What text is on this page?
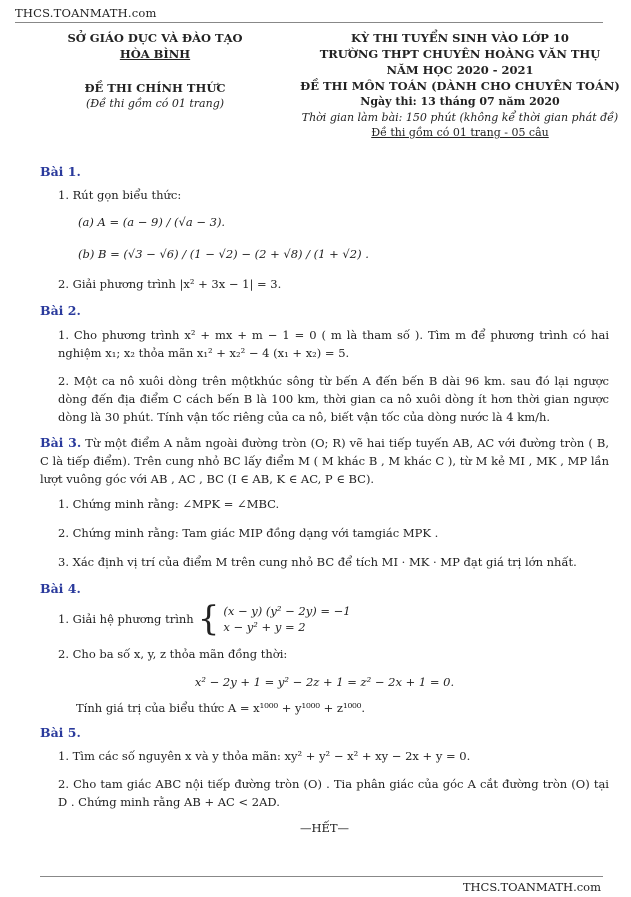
THCS.TOANMATH.com
SỞ GIÁO DỤC VÀ ĐÀO TẠO
HÒA BÌNH
ĐỀ THI CHÍNH THỨC
(Đề thi gồm có 01 trang)
KỲ THI TUYỂN SINH VÀO LỚP 10
TRƯỜNG THPT CHUYÊN HOÀNG VĂN THỤ
NĂM HỌC 2020 - 2021
ĐỀ THI MÔN TOÁN (DÀNH CHO CHUYÊN TOÁN)
Ngày thi: 13 tháng 07 năm 2020
Thời gian làm bài: 150 phút (không kể thời gian phát đề)
Đề thi gồm có 01 trang - 05 câu

Bài 1.

1. Rút gọn biểu thức:
(a) A = (a − 9) / (√a − 3).
(b) B = (√3 − √6) / (1 − √2) − (2 + √8) / (1 + √2) .
2. Giải phương trình |x² + 3x − 1| = 3.

Bài 2.

1. Cho phương trình x² + mx + m − 1 = 0 ( m là tham số ). Tìm m để phương trình có hai nghiệm x₁; x₂ thỏa mãn x₁² + x₂² − 4 (x₁ + x₂) = 5.
2. Một ca nô xuôi dòng trên mộtkhúc sông từ bến A đến bến B dài 96 km. sau đó lại ngược dòng đến địa điểm C cách bến B là 100 km, thời gian ca nô xuôi dòng ít hơn thời gian ngược dòng là 30 phút. Tính vận tốc riêng của ca nô, biết vận tốc của dòng nước là 4 km/h.
Bài 3. Từ một điểm A nằm ngoài đường tròn (O; R) vẽ hai tiếp tuyến AB, AC với đường tròn ( B, C là tiếp điểm). Trên cung nhỏ BC lấy điểm M ( M khác B , M khác C ), từ M kẻ MI , MK , MP lần lượt vuông góc với AB , AC , BC (I ∈ AB, K ∈ AC, P ∈ BC).
1. Chứng minh rằng: ∠MPK = ∠MBC.
2. Chứng minh rằng: Tam giác MIP đồng dạng với tamgiác MPK .
3. Xác định vị trí của điểm M trên cung nhỏ BC để tích MI · MK · MP đạt giá trị lớn nhất.

Bài 4.

1. Giải hệ phương trình { (x − y) (y² − 2y) = −1
x − y² + y = 2
2. Cho ba số x, y, z thỏa mãn đồng thời:
x² − 2y + 1 = y² − 2z + 1 = z² − 2x + 1 = 0.
Tính giá trị của biểu thức A = x¹⁰⁰⁰ + y¹⁰⁰⁰ + z¹⁰⁰⁰.

Bài 5.

1. Tìm các số nguyên x và y thỏa mãn: xy² + y² − x² + xy − 2x + y = 0.
2. Cho tam giác ABC nội tiếp đường tròn (O) . Tia phân giác của góc A cắt đường tròn (O) tại D . Chứng minh rằng AB + AC < 2AD.
—HẾT—
THCS.TOANMATH.com
